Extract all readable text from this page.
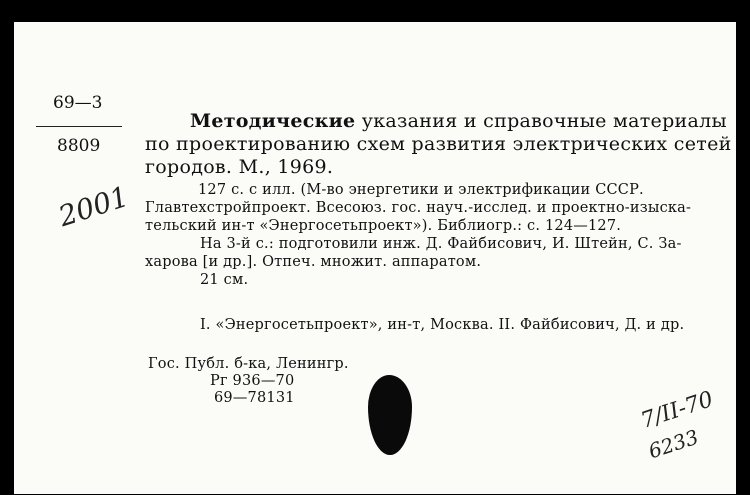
69—3
8809
2001
Методические указания и справочные материалы
по проектированию схем развития электрических сетей
городов. М., 1969.
127 с. с илл. (М-во энергетики и электрификации СССР.
Главтехстройпроект. Всесоюз. гос. науч.-исслед. и проектно-изыска-
тельский ин-т «Энергосетьпроект»). Библиогр.: с. 124—127.
На 3-й с.: подготовили инж. Д. Файбисович, И. Штейн, С. За-
харова [и др.]. Отпеч. множит. аппаратом.
21 см.
I. «Энергосетьпроект», ин-т, Москва. II. Файбисович, Д. и др.
Гос. Публ. б-ка, Ленингр.
Рг 936—70
69—78131	7/ІІ-70
6233
